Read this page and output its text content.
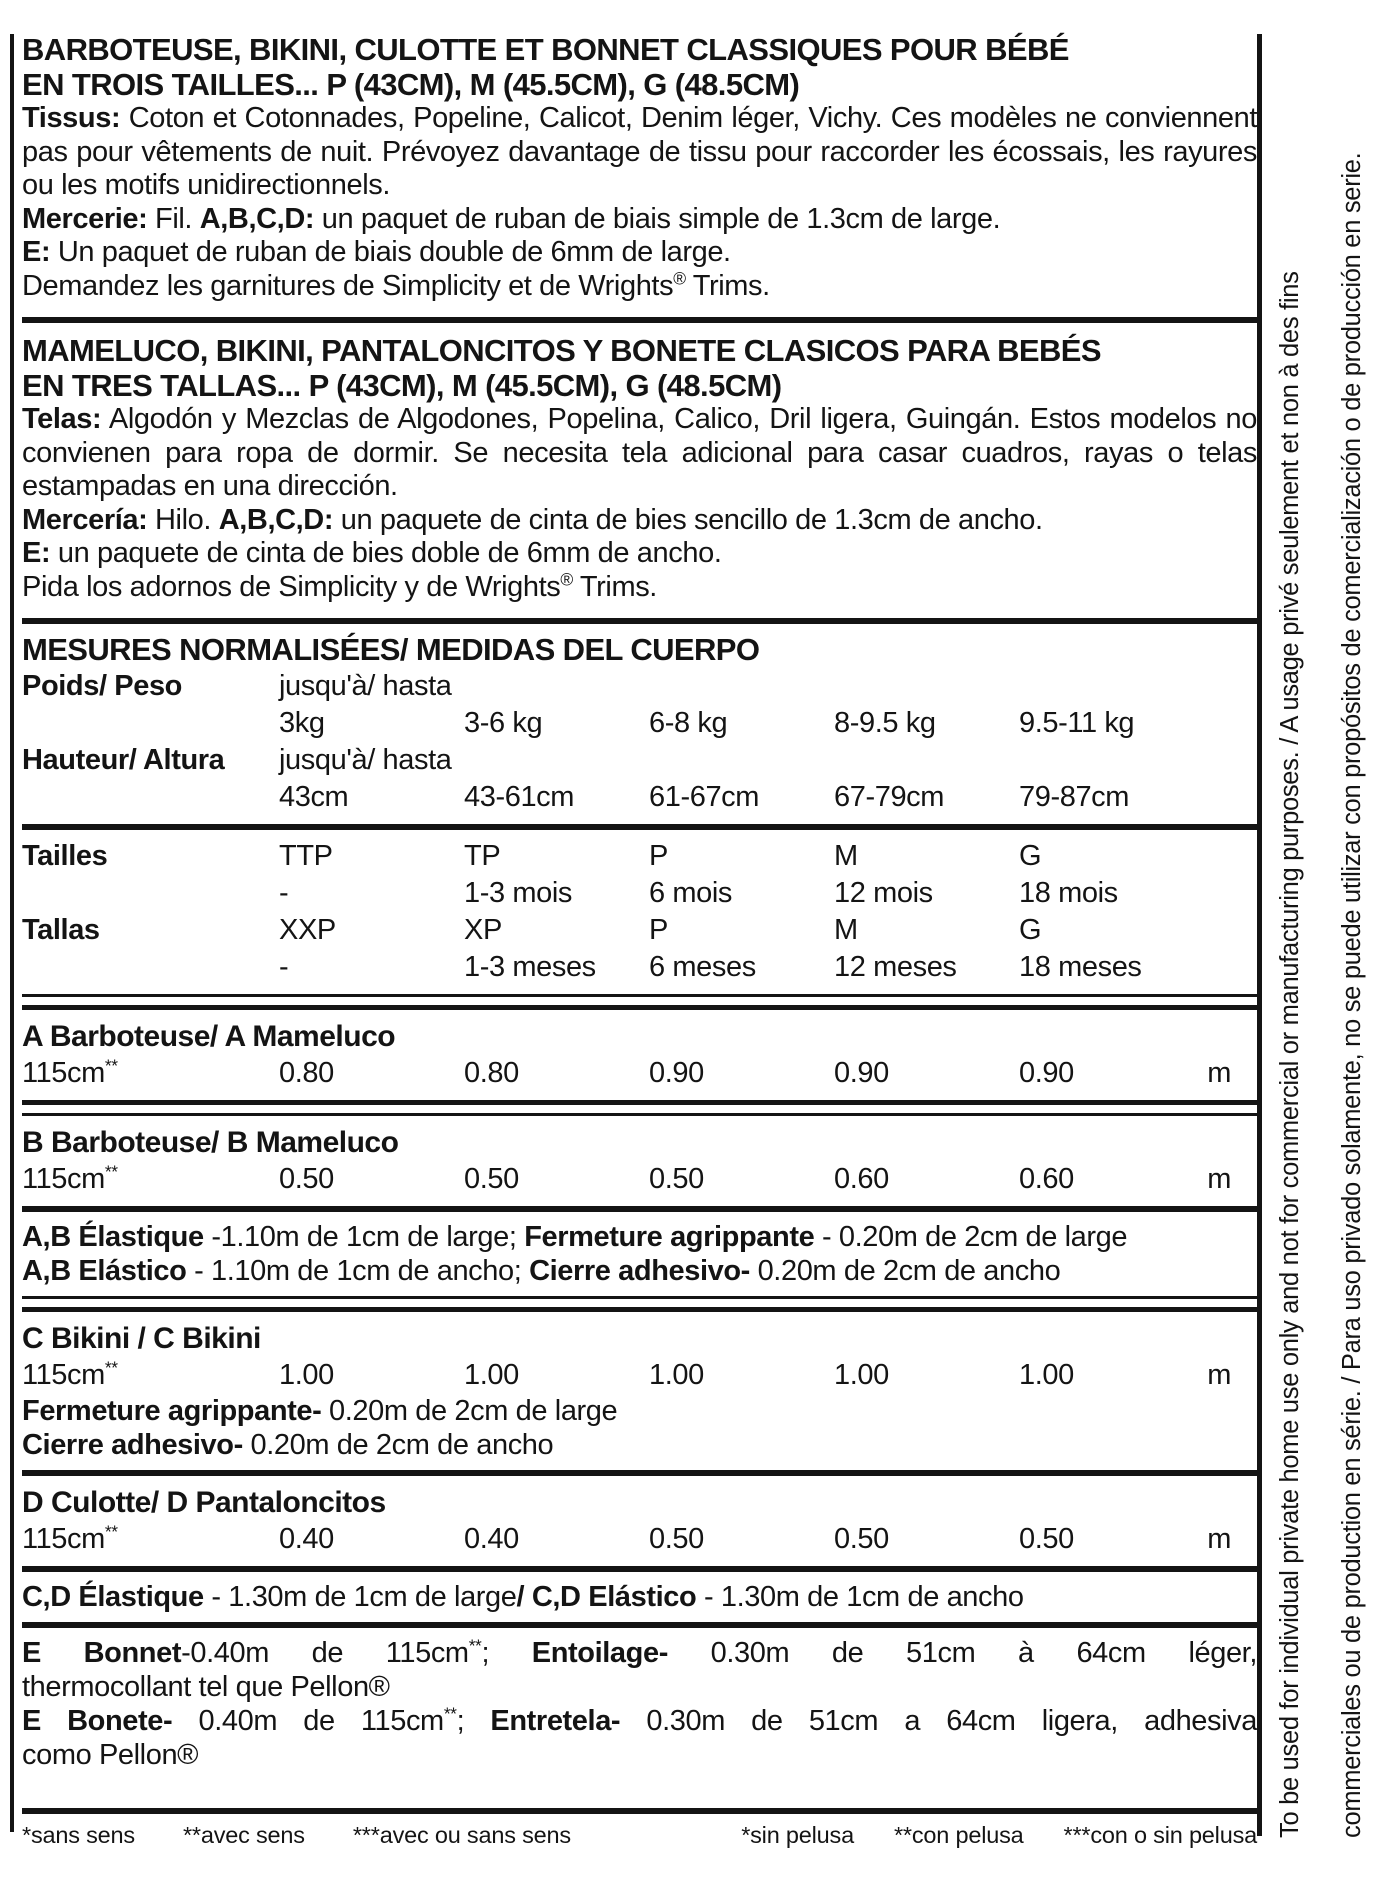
BARBOTEUSE, BIKINI, CULOTTE ET BONNET CLASSIQUES POUR BÉBÉ
EN TROIS TAILLES... P (43CM), M (45.5CM), G (48.5CM)

Tissus: Coton et Cotonnades, Popeline, Calicot, Denim léger, Vichy. Ces modèles ne conviennent pas pour vêtements de nuit. Prévoyez davantage de tissu pour raccorder les écossais, les rayures ou les motifs unidirectionnels.

Mercerie: Fil. A,B,C,D: un paquet de ruban de biais simple de 1.3cm de large.

E: Un paquet de ruban de biais double de 6mm de large.

Demandez les garnitures de Simplicity et de Wrights® Trims.

MAMELUCO, BIKINI, PANTALONCITOS Y BONETE CLASICOS PARA BEBÉS
EN TRES TALLAS... P (43CM), M (45.5CM), G (48.5CM)

Telas: Algodón y Mezclas de Algodones, Popelina, Calico, Dril ligera, Guingán. Estos modelos no convienen para ropa de dormir. Se necesita tela adicional para casar cuadros, rayas o telas estampadas en una dirección.

Mercería: Hilo. A,B,C,D: un paquete de cinta de bies sencillo de 1.3cm de ancho.

E: un paquete de cinta de bies doble de 6mm de ancho.

Pida los adornos de Simplicity y de Wrights® Trims.

MESURES NORMALISÉES/ MEDIDAS DEL CUERPO
Poids/ Peso	jusqu'à/ hasta
3kg	3-6 kg	6-8 kg	8-9.5 kg	9.5-11 kg
Hauteur/ Altura	jusqu'à/ hasta
43cm	43-61cm	61-67cm	67-79cm	79-87cm
Tailles	TTP	TP	P	M	G
-	1-3 mois	6 mois	12 mois	18 mois
Tallas	XXP	XP	P	M	G
-	1-3 meses	6 meses	12 meses	18 meses
A Barboteuse/ A Mameluco
115cm**	0.80	0.80	0.90	0.90	0.90	m
B Barboteuse/ B Mameluco
115cm**	0.50	0.50	0.50	0.60	0.60	m

A,B Élastique -1.10m de 1cm de large; Fermeture agrippante - 0.20m de 2cm de large

A,B Elástico - 1.10m de 1cm de ancho; Cierre adhesivo- 0.20m de 2cm de ancho

C Bikini / C Bikini
115cm**	1.00	1.00	1.00	1.00	1.00	m

Fermeture agrippante- 0.20m de 2cm de large

Cierre adhesivo- 0.20m de 2cm de ancho

D Culotte/ D Pantaloncitos
115cm**	0.40	0.40	0.50	0.50	0.50	m

C,D Élastique - 1.30m de 1cm de large/ C,D Elástico - 1.30m de 1cm de ancho

E Bonnet-0.40m de 115cm**; Entoilage- 0.30m de 51cm à 64cm léger,

thermocollant tel que Pellon®

E Bonete- 0.40m de 115cm**; Entretela- 0.30m de 51cm a 64cm ligera, adhesiva

como Pellon®

*sans sens **avec sens ***avec ou sans sens	*sin pelusa **con pelusa ***con o sin pelusa To be used for individual private home use only and not for commercial or manufacturing purposes. / A usage privé seulement et non à des fins commerciales ou de production en série. / Para uso privado solamente, no se puede utilizar con propósitos de comercialización o de producción en serie.
